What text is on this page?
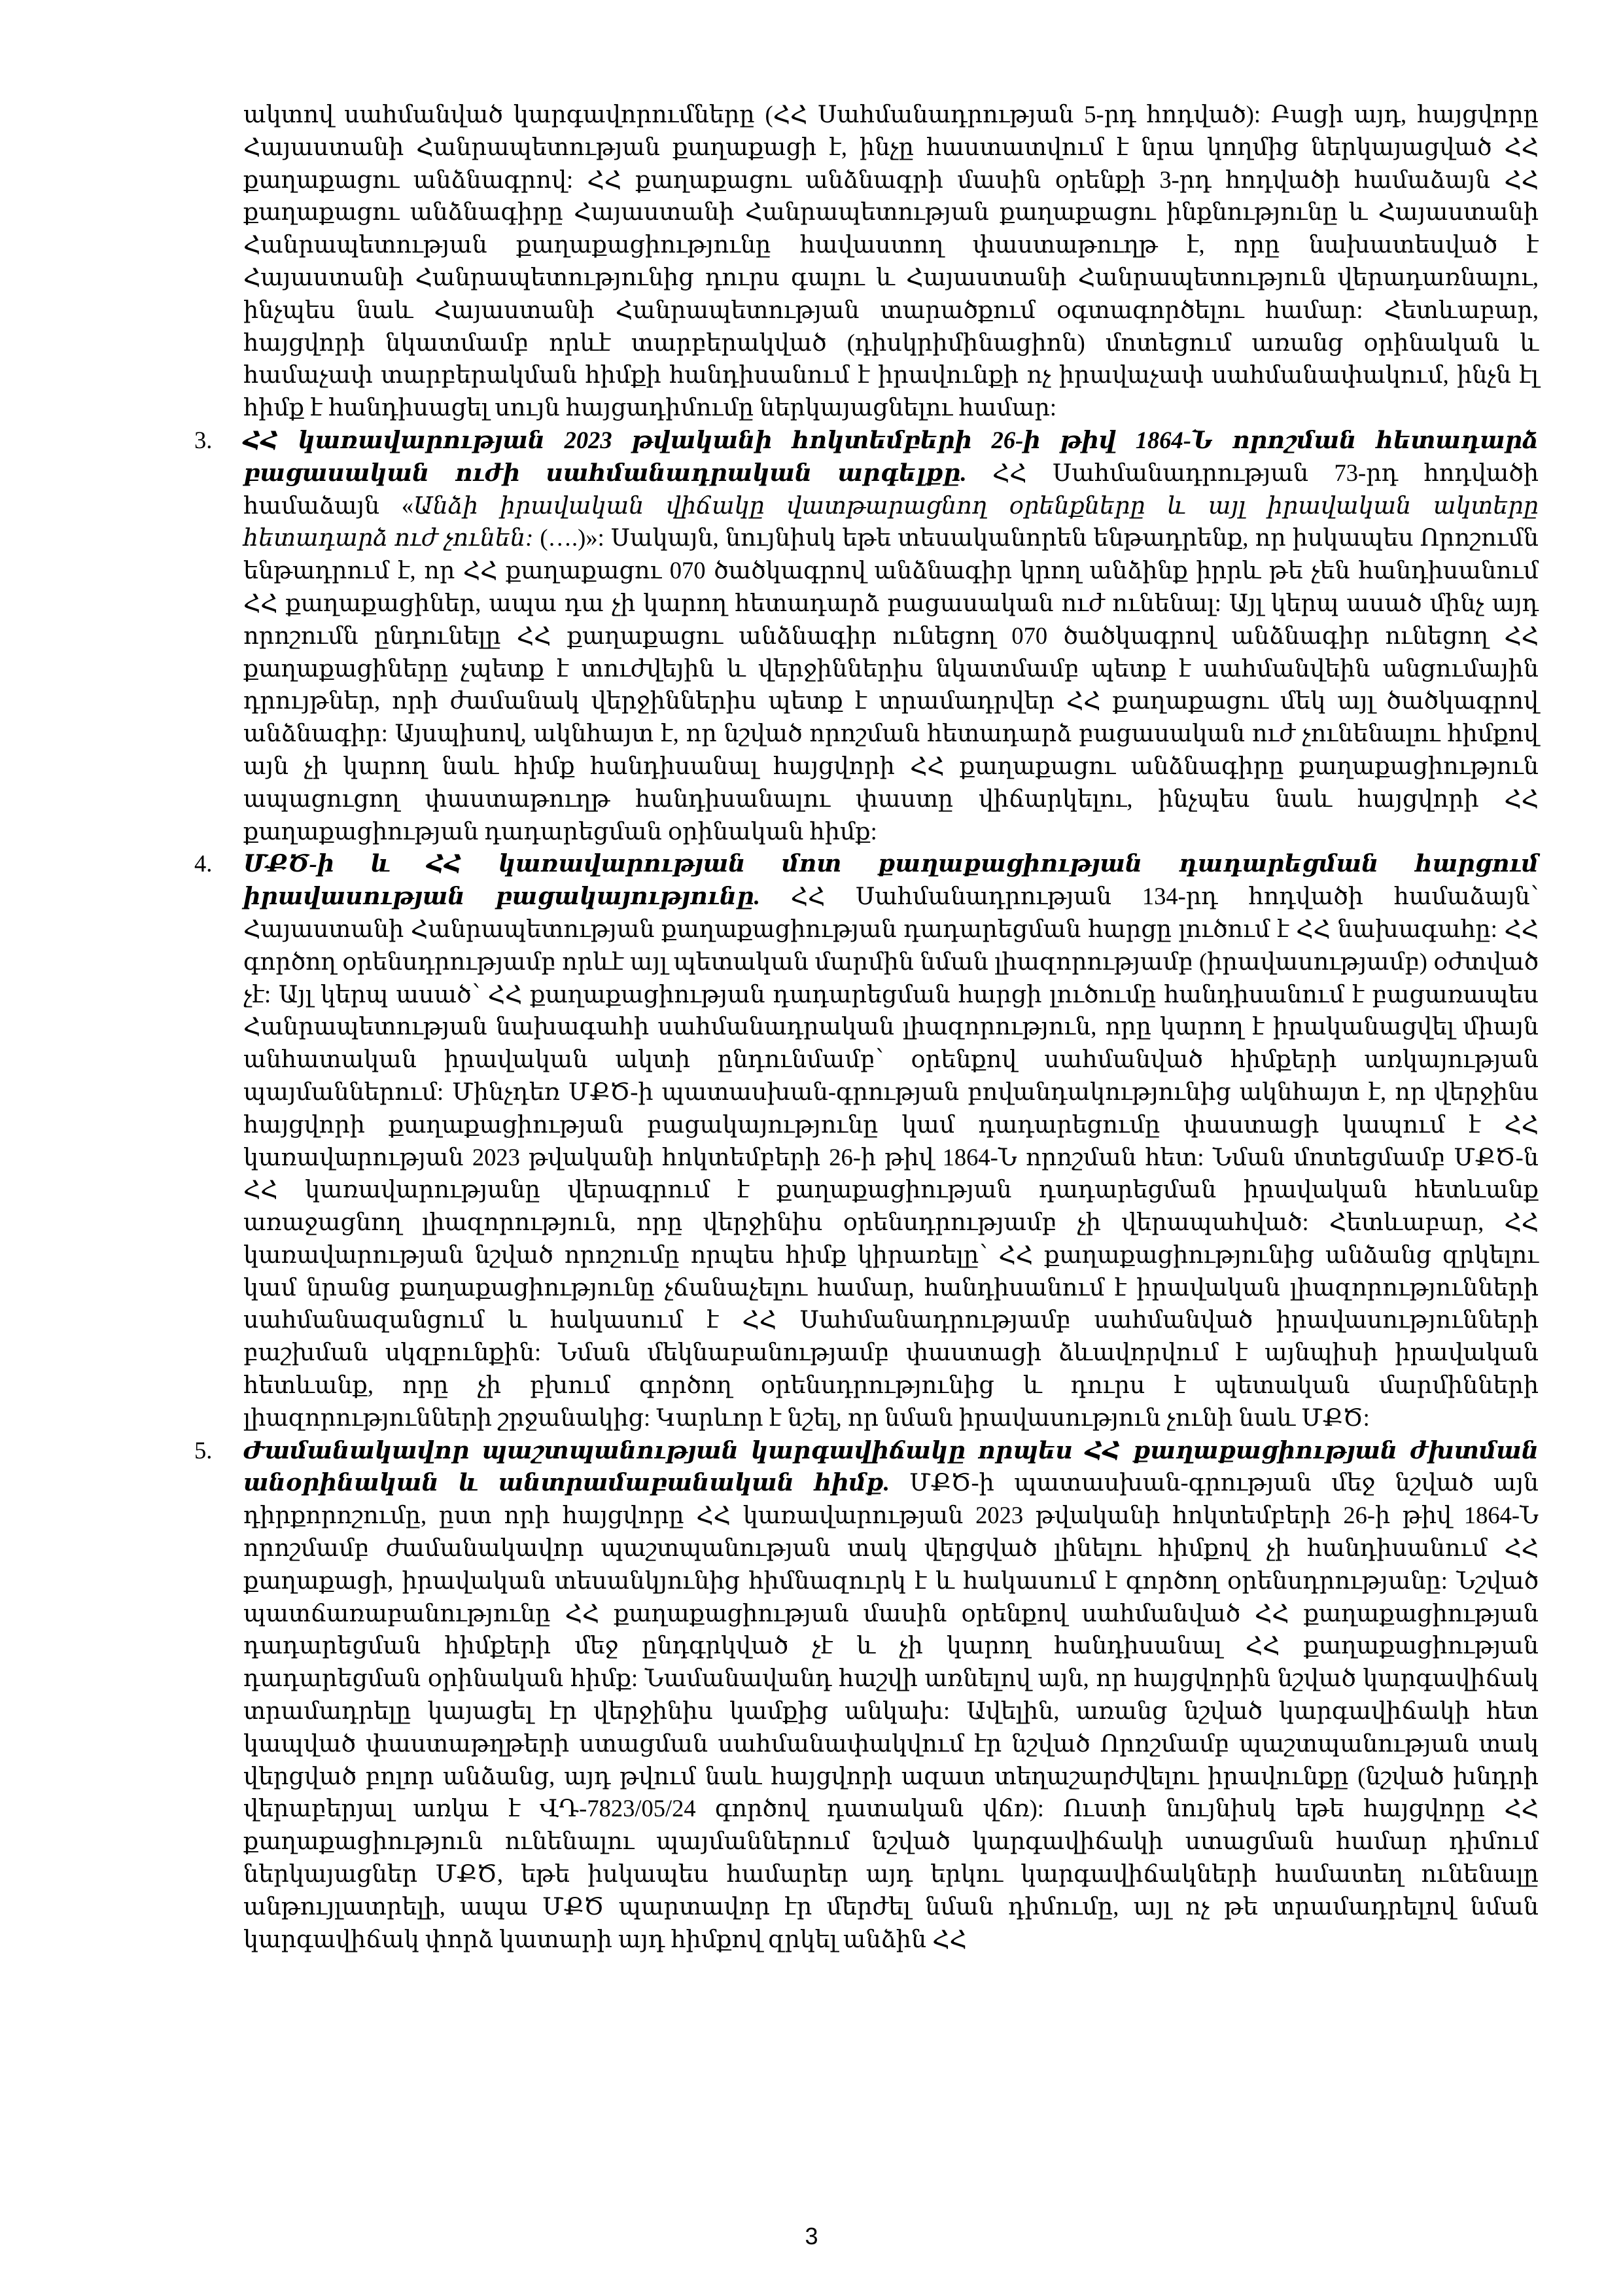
ակտով սահմանված կարգավորումները (ՀՀ Սահմանադրության 5-րդ հոդված): Բացի այդ, հայցվորը Հայաստանի Հանրապետության քաղաքացի է, ինչը հաստատվում է նրա կողմից ներկայացված ՀՀ քաղաքացու անձնագրով: ՀՀ քաղաքացու անձնագրի մասին օրենքի 3-րդ հոդվածի համաձայն ՀՀ քաղաքացու անձնագիրը Հայաստանի Հանրապետության քաղաքացու ինքնությունը և Հայաստանի Հանրապետության քաղաքացիությունը հավաստող փաստաթուղթ է, որը նախատեսված է Հայաստանի Հանրապետությունից դուրս գալու և Հայաստանի Հանրապետություն վերադառնալու, ինչպես նաև Հայաստանի Հանրապետության տարածքում օգտագործելու համար: Հետևաբար, հայցվորի նկատմամբ որևէ տարբերակված (դիսկրիմինացիոն) մոտեցում առանց օրինական և համաչափ տարբերակման հիմքի հանդիսանում է իրավունքի ոչ իրավաչափ սահմանափակում, ինչն էլ հիմք է հանդիսացել սույն հայցադիմումը ներկայացնելու համար:

3. ՀՀ կառավարության 2023 թվականի հոկտեմբերի 26-ի թիվ 1864-Ն որոշման հետադարձ բացասական ուժի սահմանադրական արգելքը. ՀՀ Սահմանադրության 73-րդ հոդվածի համաձայն «Անձի իրավական վիճակը վատթարացնող օրենքները և այլ իրավական ակտերը հետադարձ ուժ չունեն: (….)»: Սակայն, նույնիսկ եթե տեսականորեն ենթադրենք, որ իսկապես Որոշումն ենթադրում է, որ ՀՀ քաղաքացու 070 ծածկագրով անձնագիր կրող անձինք իրրև թե չեն հանդիսանում ՀՀ քաղաքացիներ, ապա դա չի կարող հետադարձ բացասական ուժ ունենալ: Այլ կերպ ասած մինչ այդ որոշումն ընդունելը ՀՀ քաղաքացու անձնագիր ունեցող 070 ծածկագրով անձնագիր ունեցող ՀՀ քաղաքացիները չպետք է տուժվեյին և վերջիններիս նկատմամբ պետք է սահմանվեին անցումային դրույթներ, որի ժամանակ վերջիններիս պետք է տրամադրվեր ՀՀ քաղաքացու մեկ այլ ծածկագրով անձնագիր: Այսպիսով, ակնհայտ է, որ նշված որոշման հետադարձ բացասական ուժ չունենալու հիմքով այն չի կարող նաև հիմք հանդիսանալ հայցվորի ՀՀ քաղաքացու անձնագիրը քաղաքացիություն ապացուցող փաստաթուղթ հանդիսանալու փաստը վիճարկելու, ինչպես նաև հայցվորի ՀՀ քաղաքացիության դադարեցման օրինական հիմք:

4. ՄՔԾ-ի և ՀՀ կառավարության մոտ քաղաքացիության դադարեցման հարցում իրավասության բացակայությունը. ՀՀ Սահմանադրության 134-րդ հոդվածի համաձայն՝ Հայաստանի Հանրապետության քաղաքացիության դադարեցման հարցը լուծում է ՀՀ նախագահը: ՀՀ գործող օրենսդրությամբ որևէ այլ պետական մարմին նման լիազորությամբ (իրավասությամբ) օժտված չէ: Այլ կերպ ասած՝ ՀՀ քաղաքացիության դադարեցման հարցի լուծումը հանդիսանում է բացառապես Հանրապետության նախագահի սահմանադրական լիազորություն, որը կարող է իրականացվել միայն անհատական իրավական ակտի ընդունմամբ՝ օրենքով սահմանված հիմքերի առկայության պայմաններում: Մինչդեռ ՄՔԾ-ի պատասխան-գրության բովանդակությունից ակնհայտ է, որ վերջինս հայցվորի քաղաքացիության բացակայությունը կամ դադարեցումը փաստացի կապում է ՀՀ կառավարության 2023 թվականի հոկտեմբերի 26-ի թիվ 1864-Ն որոշման հետ: Նման մոտեցմամբ ՄՔԾ-ն ՀՀ կառավարությանը վերագրում է քաղաքացիության դադարեցման իրավական հետևանք առաջացնող լիազորություն, որը վերջինիս օրենսդրությամբ չի վերապահված: Հետևաբար, ՀՀ կառավարության նշված որոշումը որպես հիմք կիրառելը՝ ՀՀ քաղաքացիությունից անձանց զրկելու կամ նրանց քաղաքացիությունը չճանաչելու համար, հանդիսանում է իրավական լիազորությունների սահմանազանցում և հակասում է ՀՀ Սահմանադրությամբ սահմանված իրավասությունների բաշխման սկզբունքին: Նման մեկնաբանությամբ փաստացի ձևավորվում է այնպիսի իրավական հետևանք, որը չի բխում գործող օրենսդրությունից և դուրս է պետական մարմինների լիազորությունների շրջանակից: Կարևոր է նշել, որ նման իրավասություն չունի նաև ՄՔԾ:

5. Ժամանակավոր պաշտպանության կարգավիճակը որպես ՀՀ քաղաքացիության ժխտման անօրինական և անտրամաբանական հիմք. ՄՔԾ-ի պատասխան-գրության մեջ նշված այն դիրքորոշումը, ըստ որի հայցվորը ՀՀ կառավարության 2023 թվականի հոկտեմբերի 26-ի թիվ 1864-Ն որոշմամբ ժամանակավոր պաշտպանության տակ վերցված լինելու հիմքով չի հանդիսանում ՀՀ քաղաքացի, իրավական տեսանկյունից հիմնազուրկ է և հակասում է գործող օրենսդրությանը: Նշված պատճառաբանությունը ՀՀ քաղաքացիության մասին օրենքով սահմանված ՀՀ քաղաքացիության դադարեցման հիմքերի մեջ ընդգրկված չէ և չի կարող հանդիսանալ ՀՀ քաղաքացիության դադարեցման օրինական հիմք: Նամանավանդ հաշվի առնելով այն, որ հայցվորին նշված կարգավիճակ տրամադրելը կայացել էր վերջինիս կամքից անկախ: Ավելին, առանց նշված կարգավիճակի հետ կապված փաստաթղթերի ստացման սահմանափակվում էր նշված Որոշմամբ պաշտպանության տակ վերցված բոլոր անձանց, այդ թվում նաև հայցվորի ազատ տեղաշարժվելու իրավունքը (նշված խնդրի վերաբերյալ առկա է ՎԴ-7823/05/24 գործով դատական վճռ): Ուստի նույնիսկ եթե հայցվորը ՀՀ քաղաքացիություն ունենալու պայմաններում նշված կարգավիճակի ստացման համար դիմում ներկայացներ ՄՔԾ, եթե իսկապես համարեր այդ երկու կարգավիճակների համատեղ ունենալը անթույլատրելի, ապա ՄՔԾ պարտավոր էր մերժել նման դիմումը, այլ ոչ թե տրամադրելով նման կարգավիճակ փորձ կատարի այդ հիմքով զրկել անձին ՀՀ

3
